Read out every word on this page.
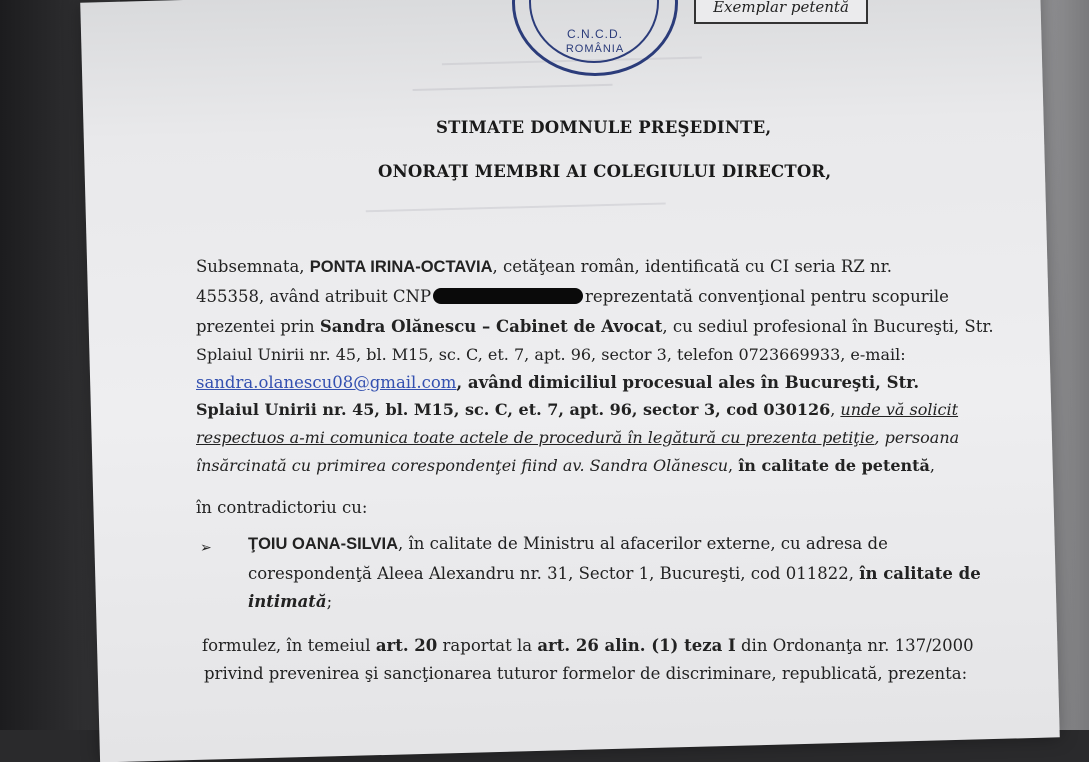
C.N.C.D.
ROMÂNIA
Exemplar petentă
STIMATE DOMNULE PREŞEDINTE,
ONORAŢI MEMBRI AI COLEGIULUI DIRECTOR,
Subsemnata, PONTA IRINA-OCTAVIA, cetăţean român, identificată cu CI seria RZ nr.
455358, având atribuit CNP	reprezentată convenţional pentru scopurile
prezentei prin Sandra Olănescu – Cabinet de Avocat, cu sediul profesional în Bucureşti, Str.
Splaiul Unirii nr. 45, bl. M15, sc. C, et. 7, apt. 96, sector 3, telefon 0723669933, e-mail:
sandra.olanescu08@gmail.com, având dimiciliul procesual ales în Bucureşti, Str.
Splaiul Unirii nr. 45, bl. M15, sc. C, et. 7, apt. 96, sector 3, cod 030126, unde vă solicit
respectuos a-mi comunica toate actele de procedură în legătură cu prezenta petiţie, persoana
însărcinată cu primirea corespondenţei fiind av. Sandra Olănescu, în calitate de petentă,
în contradictoriu cu:
➢ ŢOIU OANA-SILVIA, în calitate de Ministru al afacerilor externe, cu adresa de
corespondenţă Aleea Alexandru nr. 31, Sector 1, Bucureşti, cod 011822, în calitate de
intimată;
formulez, în temeiul art. 20 raportat la art. 26 alin. (1) teza I din Ordonanţa nr. 137/2000
privind prevenirea şi sancţionarea tuturor formelor de discriminare, republicată, prezenta:
